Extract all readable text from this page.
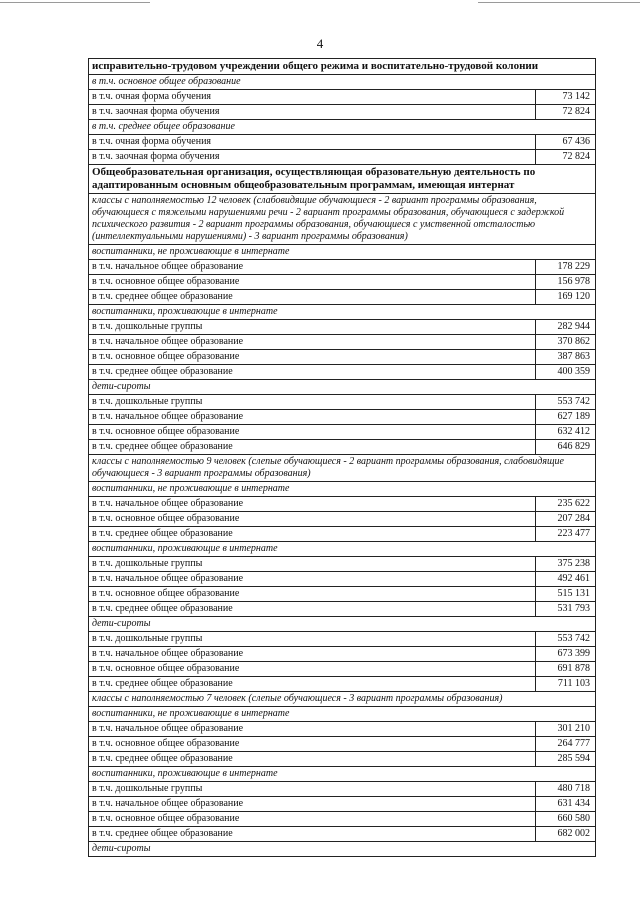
4
исправительно-трудовом учреждении общего режима и воспитательно-трудовой колонии	
в т.ч. основное общее образование	
в т.ч. очная форма обучения	73 142
в т.ч. заочная форма обучения	72 824
в т.ч. среднее общее образование	
в т.ч. очная форма обучения	67 436
в т.ч. заочная форма обучения	72 824
Общеобразовательная организация, осуществляющая образовательную деятельность по адаптированным основным общеобразовательным программам, имеющая интернат	
классы с наполняемостью 12 человек (слабовидящие обучающиеся - 2 вариант программы образования, обучающиеся с тяжелыми нарушениями речи - 2 вариант программы образования, обучающиеся с задержкой психического развития - 2 вариант программы образования, обучающиеся с умственной отсталостью (интеллектуальными нарушениями) - 3 вариант программы образования)	
воспитанники, не проживающие в интернате	
в т.ч. начальное общее образование	178 229
в т.ч. основное общее образование	156 978
в т.ч. среднее общее образование	169 120
воспитанники, проживающие в интернате	
в т.ч. дошкольные группы	282 944
в т.ч. начальное общее образование	370 862
в т.ч. основное общее образование	387 863
в т.ч. среднее общее образование	400 359
дети-сироты	
в т.ч. дошкольные группы	553 742
в т.ч. начальное общее образование	627 189
в т.ч. основное общее образование	632 412
в т.ч. среднее общее образование	646 829
классы с наполняемостью 9 человек (слепые обучающиеся - 2 вариант программы образования, слабовидящие обучающиеся - 3 вариант программы образования)	
воспитанники, не проживающие в интернате	
в т.ч. начальное общее образование	235 622
в т.ч. основное общее образование	207 284
в т.ч. среднее общее образование	223 477
воспитанники, проживающие в интернате	
в т.ч. дошкольные группы	375 238
в т.ч. начальное общее образование	492 461
в т.ч. основное общее образование	515 131
в т.ч. среднее общее образование	531 793
дети-сироты	
в т.ч. дошкольные группы	553 742
в т.ч. начальное общее образование	673 399
в т.ч. основное общее образование	691 878
в т.ч. среднее общее образование	711 103
классы с наполняемостью 7 человек (слепые обучающиеся - 3 вариант программы образования)	
воспитанники, не проживающие в интернате	
в т.ч. начальное общее образование	301 210
в т.ч. основное общее образование	264 777
в т.ч. среднее общее образование	285 594
воспитанники, проживающие в интернате	
в т.ч. дошкольные группы	480 718
в т.ч. начальное общее образование	631 434
в т.ч. основное общее образование	660 580
в т.ч. среднее общее образование	682 002
дети-сироты	
